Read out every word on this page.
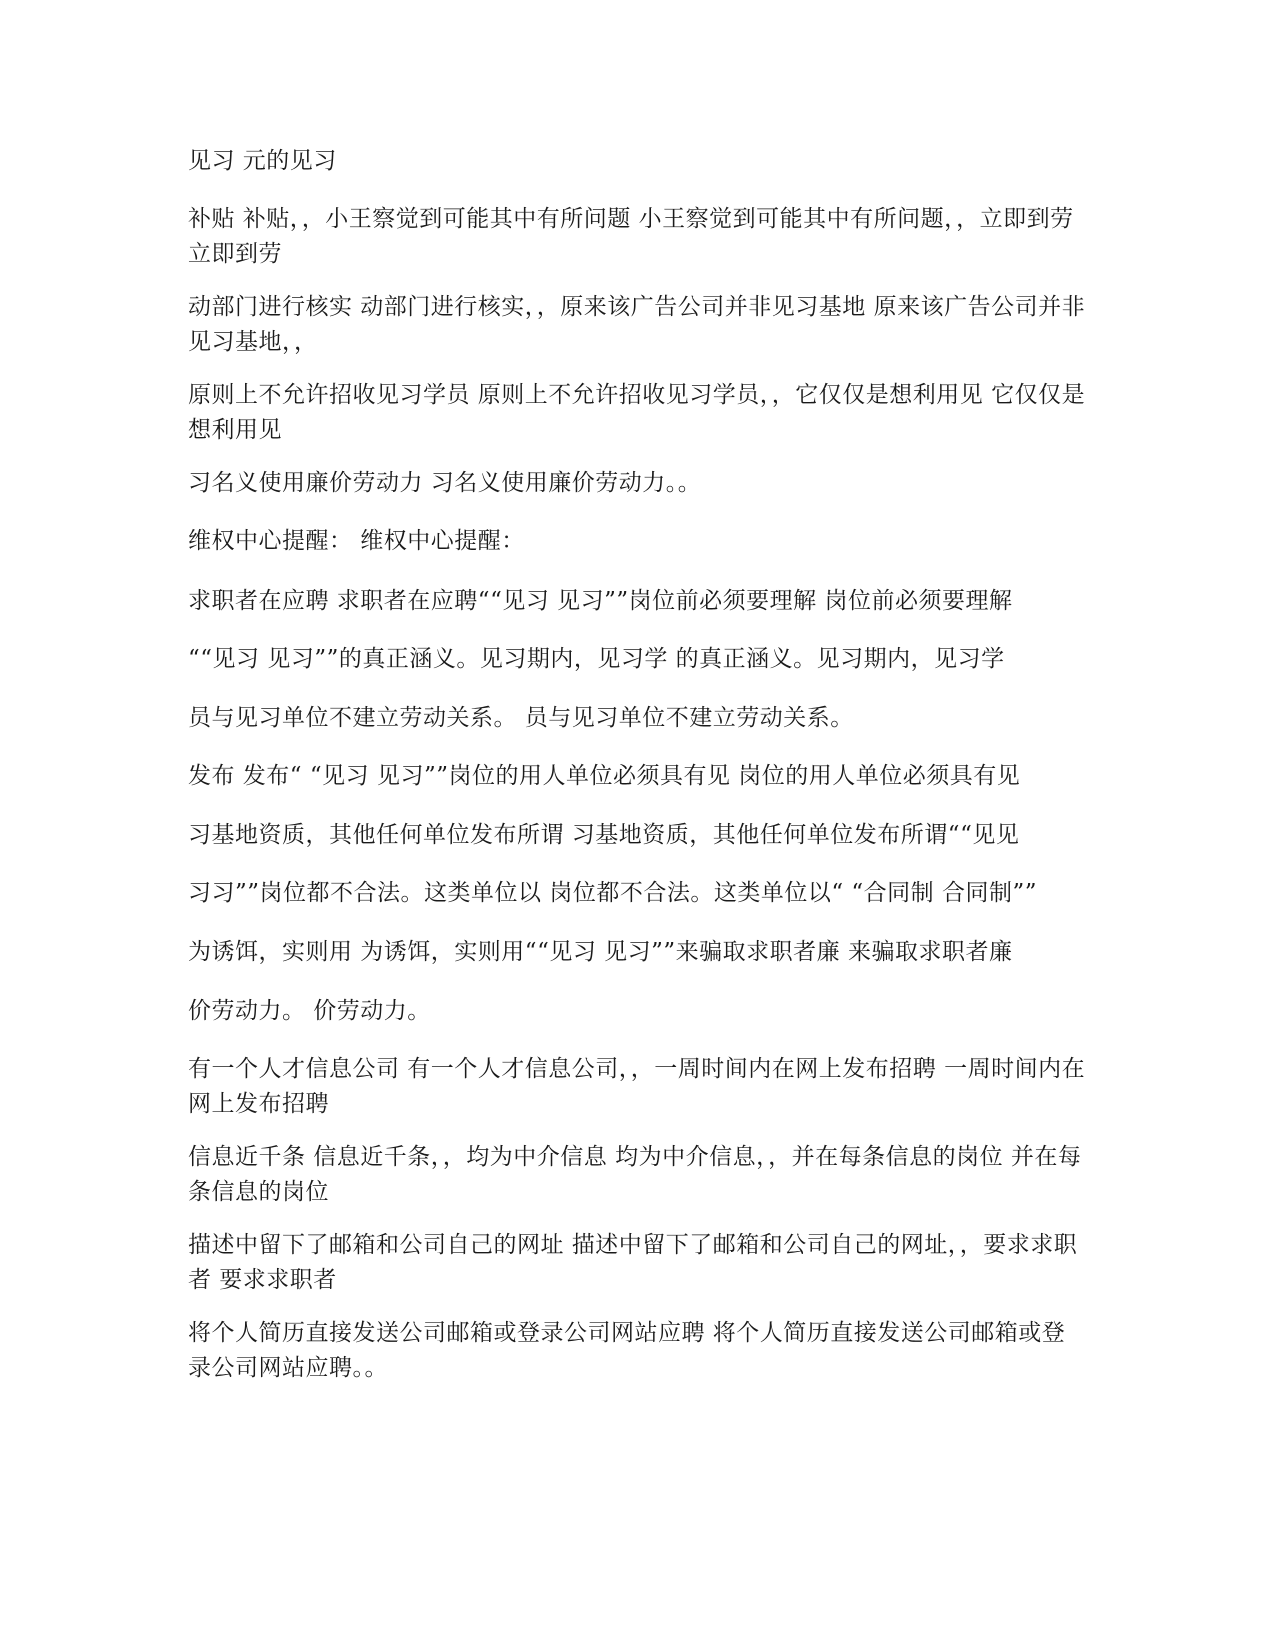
见习 元的见习

补贴 补贴，，小王察觉到可能其中有所问题 小王察觉到可能其中有所问题，，立即到劳 立即到劳

动部门进行核实 动部门进行核实，，原来该广告公司并非见习基地 原来该广告公司并非见习基地，，

原则上不允许招收见习学员 原则上不允许招收见习学员，，它仅仅是想利用见 它仅仅是想利用见

习名义使用廉价劳动力 习名义使用廉价劳动力。。

维权中心提醒： 维权中心提醒：

求职者在应聘 求职者在应聘““见习 见习””岗位前必须要理解 岗位前必须要理解

““见习 见习””的真正涵义。见习期内，见习学 的真正涵义。见习期内，见习学

员与见习单位不建立劳动关系。 员与见习单位不建立劳动关系。

发布 发布“ “见习 见习””岗位的用人单位必须具有见 岗位的用人单位必须具有见

习基地资质，其他任何单位发布所谓 习基地资质，其他任何单位发布所谓““见见

习习””岗位都不合法。这类单位以 岗位都不合法。这类单位以“ “合同制 合同制””

为诱饵，实则用 为诱饵，实则用““见习 见习””来骗取求职者廉 来骗取求职者廉

价劳动力。 价劳动力。

有一个人才信息公司 有一个人才信息公司，，一周时间内在网上发布招聘 一周时间内在网上发布招聘

信息近千条 信息近千条，，均为中介信息 均为中介信息，，并在每条信息的岗位 并在每条信息的岗位

描述中留下了邮箱和公司自己的网址 描述中留下了邮箱和公司自己的网址，，要求求职者 要求求职者

将个人简历直接发送公司邮箱或登录公司网站应聘 将个人简历直接发送公司邮箱或登录公司网站应聘。。
